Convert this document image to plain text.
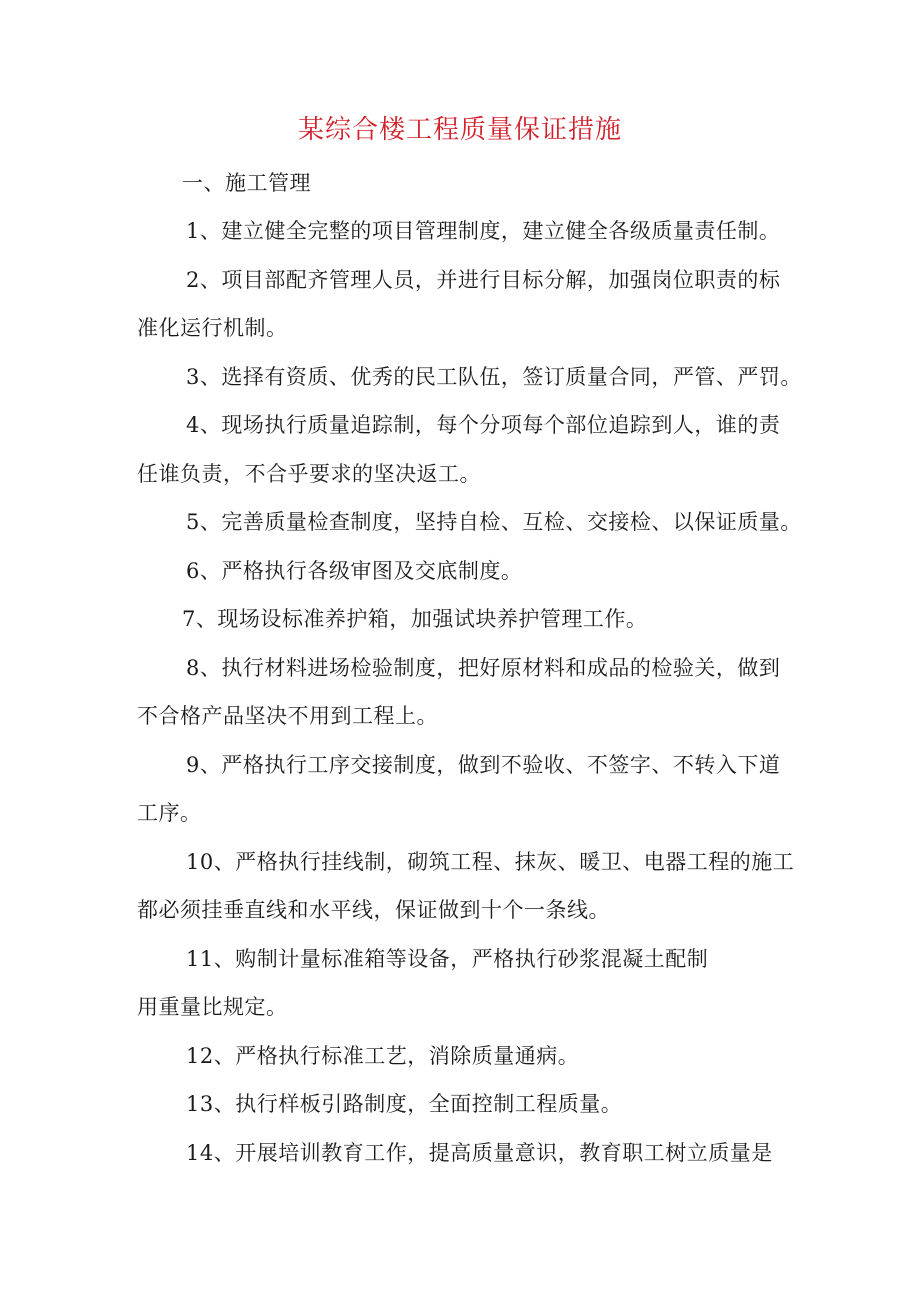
某综合楼工程质量保证措施
一、施工管理
1、建立健全完整的项目管理制度，建立健全各级质量责任制。
2、项目部配齐管理人员，并进行目标分解，加强岗位职责的标
准化运行机制。
3、选择有资质、优秀的民工队伍，签订质量合同，严管、严罚。
4、现场执行质量追踪制，每个分项每个部位追踪到人，谁的责
任谁负责，不合乎要求的坚决返工。
5、完善质量检查制度，坚持自检、互检、交接检、以保证质量。
6、严格执行各级审图及交底制度。
7、现场设标准养护箱，加强试块养护管理工作。
8、执行材料进场检验制度，把好原材料和成品的检验关，做到
不合格产品坚决不用到工程上。
9、严格执行工序交接制度，做到不验收、不签字、不转入下道
工序。
10、严格执行挂线制，砌筑工程、抹灰、暖卫、电器工程的施工
都必须挂垂直线和水平线，保证做到十个一条线。
11、购制计量标准箱等设备，严格执行砂浆混凝土配制
用重量比规定。
12、严格执行标准工艺，消除质量通病。
13、执行样板引路制度，全面控制工程质量。
14、开展培训教育工作，提高质量意识，教育职工树立质量是
